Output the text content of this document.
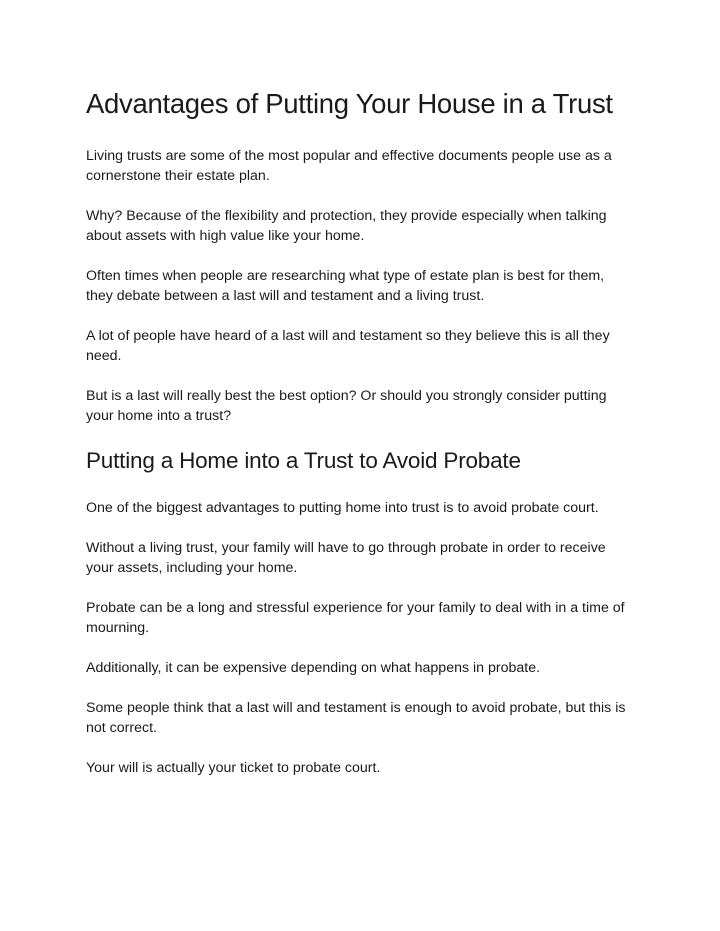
Advantages of Putting Your House in a Trust

Living trusts are some of the most popular and effective documents people use as a cornerstone their estate plan.

Why? Because of the flexibility and protection, they provide especially when talking about assets with high value like your home.

Often times when people are researching what type of estate plan is best for them, they debate between a last will and testament and a living trust.

A lot of people have heard of a last will and testament so they believe this is all they need.

But is a last will really best the best option? Or should you strongly consider putting your home into a trust?

Putting a Home into a Trust to Avoid Probate

One of the biggest advantages to putting home into trust is to avoid probate court.

Without a living trust, your family will have to go through probate in order to receive your assets, including your home.

Probate can be a long and stressful experience for your family to deal with in a time of mourning.

Additionally, it can be expensive depending on what happens in probate.

Some people think that a last will and testament is enough to avoid probate, but this is not correct.

Your will is actually your ticket to probate court.
